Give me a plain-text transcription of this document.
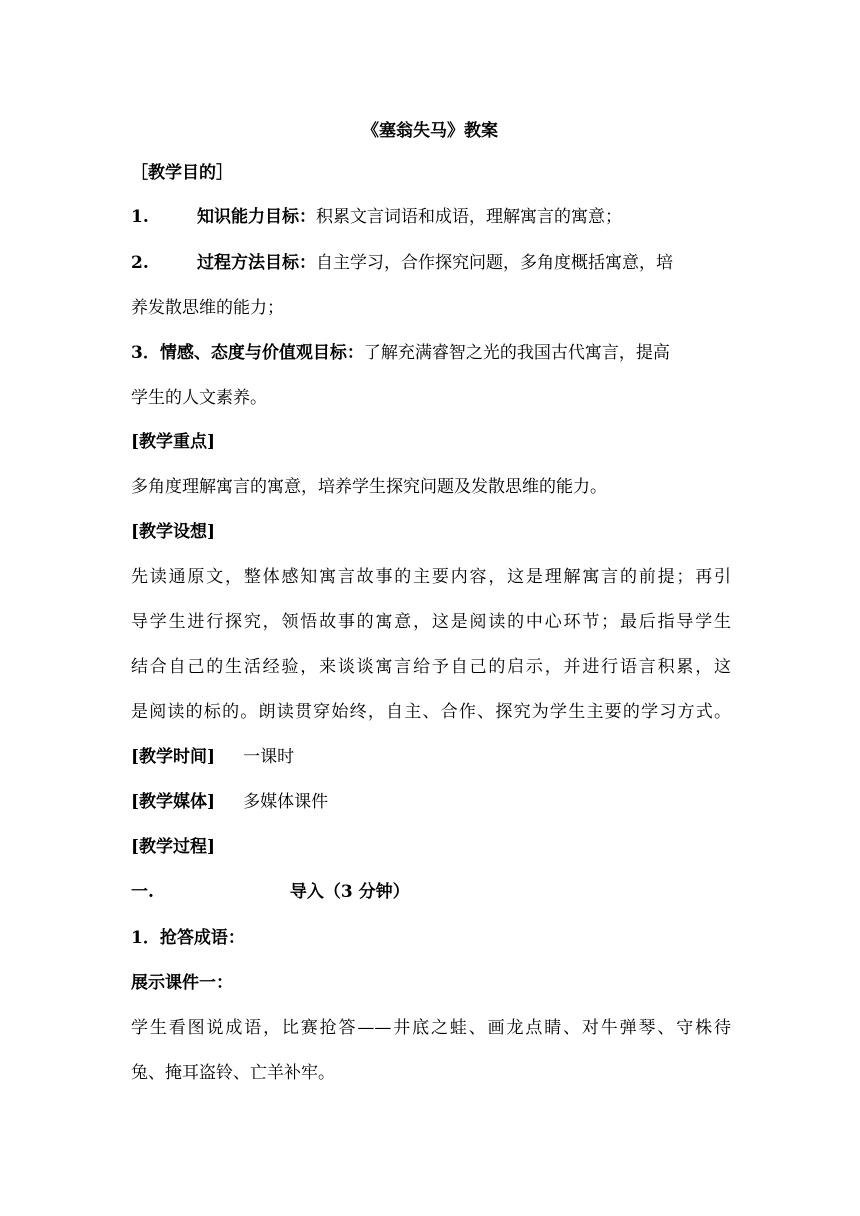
《塞翁失马》教案
［教学目的］
1.	知识能力目标：积累文言词语和成语，理解寓言的寓意；
2.	过程方法目标：自主学习，合作探究问题，多角度概括寓意，培
养发散思维的能力；
3．情感、态度与价值观目标：了解充满睿智之光的我国古代寓言，提高
学生的人文素养。
[教学重点]
多角度理解寓言的寓意，培养学生探究问题及发散思维的能力。
[教学设想]
先读通原文，整体感知寓言故事的主要内容，这是理解寓言的前提；再引
导学生进行探究，领悟故事的寓意，这是阅读的中心环节；最后指导学生
结合自己的生活经验，来谈谈寓言给予自己的启示，并进行语言积累，这
是阅读的标的。朗读贯穿始终，自主、合作、探究为学生主要的学习方式。
[教学时间] 一课时
[教学媒体] 多媒体课件
[教学过程]
一.	导入（3 分钟）
1．抢答成语：
展示课件一：
学生看图说成语，比赛抢答——井底之蛙、画龙点睛、对牛弹琴、守株待
兔、掩耳盗铃、亡羊补牢。
